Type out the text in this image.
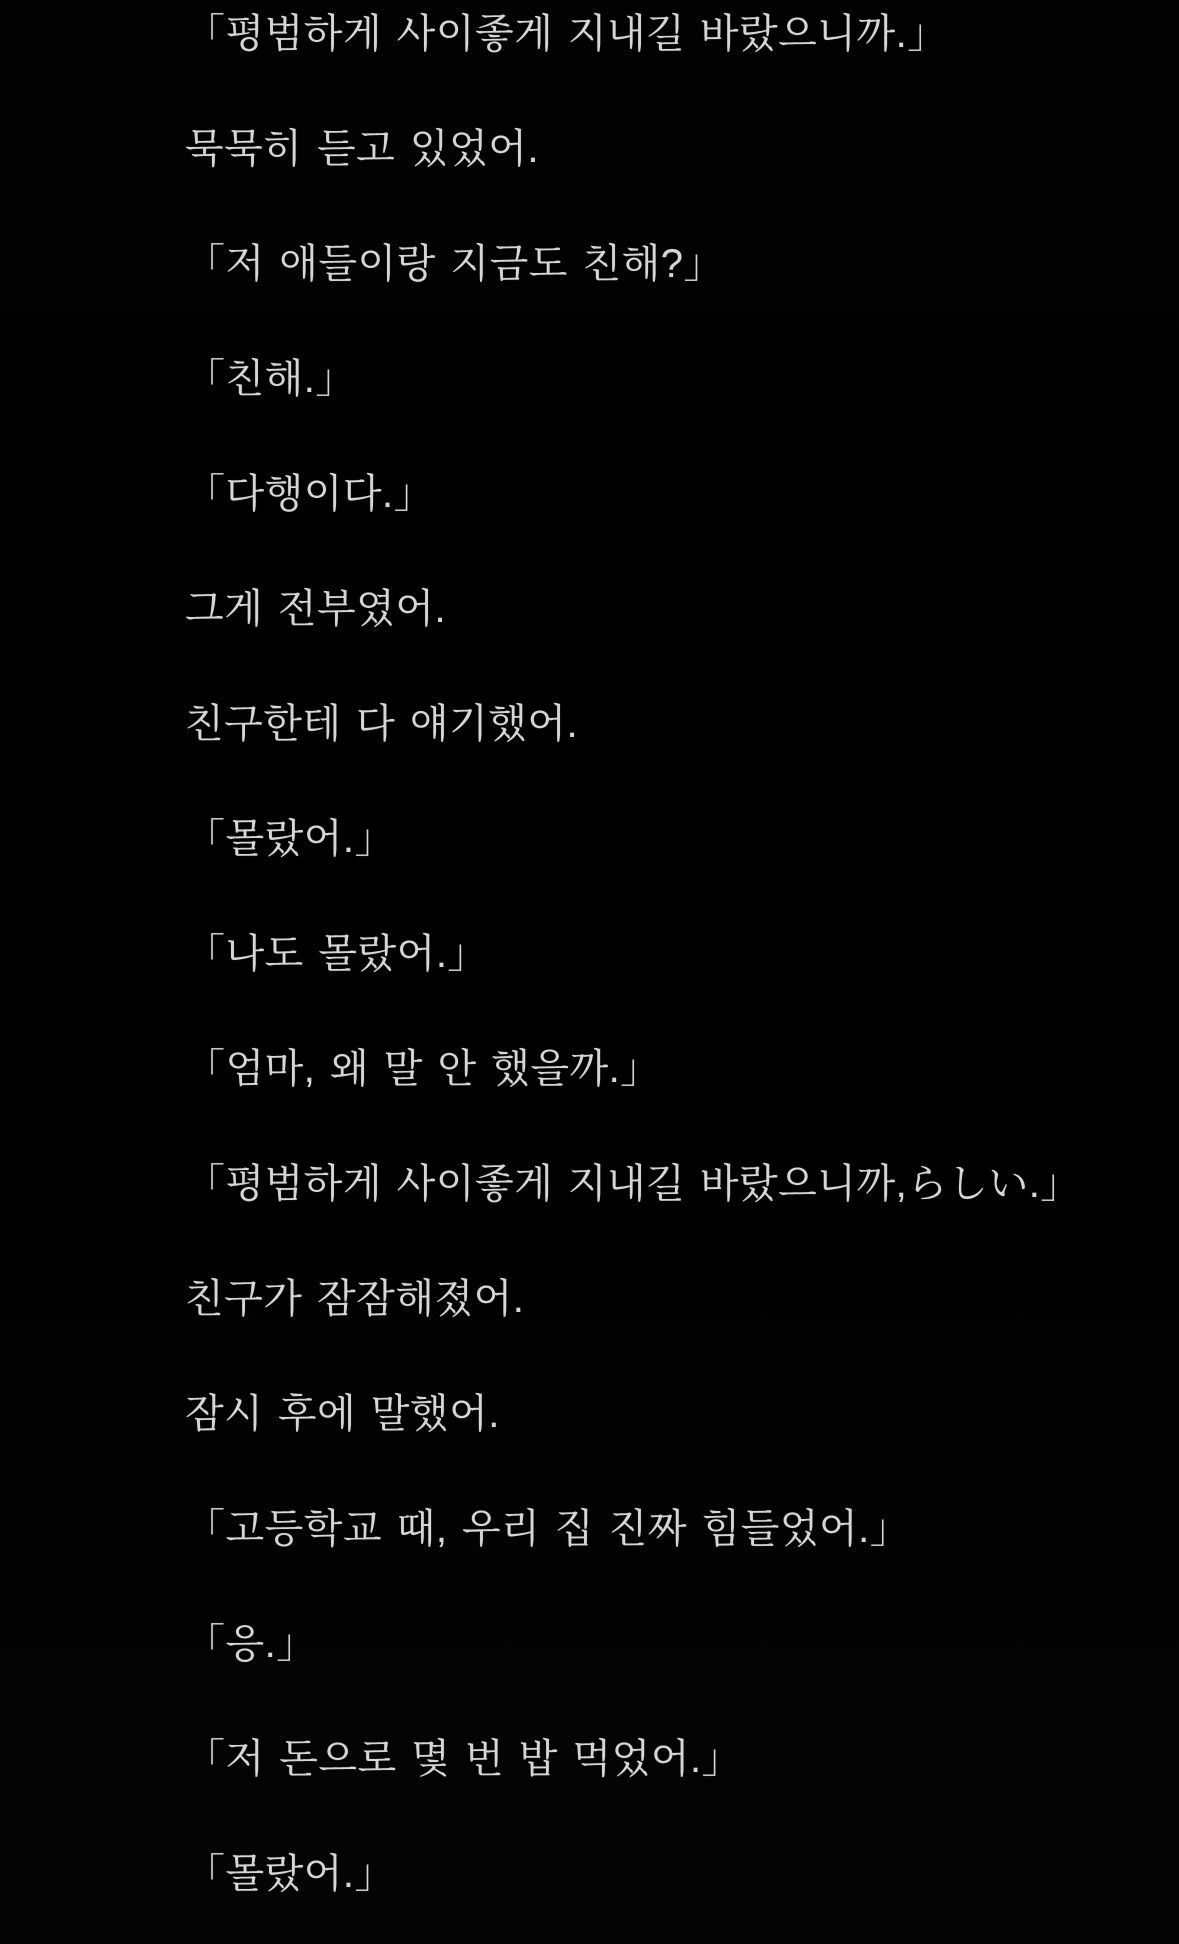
「평범하게 사이좋게 지내길 바랐으니까.」

묵묵히 듣고 있었어.

「저 애들이랑 지금도 친해?」

「친해.」

「다행이다.」

그게 전부였어.

친구한테 다 얘기했어.

「몰랐어.」

「나도 몰랐어.」

「엄마, 왜 말 안 했을까.」

「평범하게 사이좋게 지내길 바랐으니까,らしい.」

친구가 잠잠해졌어.

잠시 후에 말했어.

「고등학교 때, 우리 집 진짜 힘들었어.」

「응.」

「저 돈으로 몇 번 밥 먹었어.」

「몰랐어.」
